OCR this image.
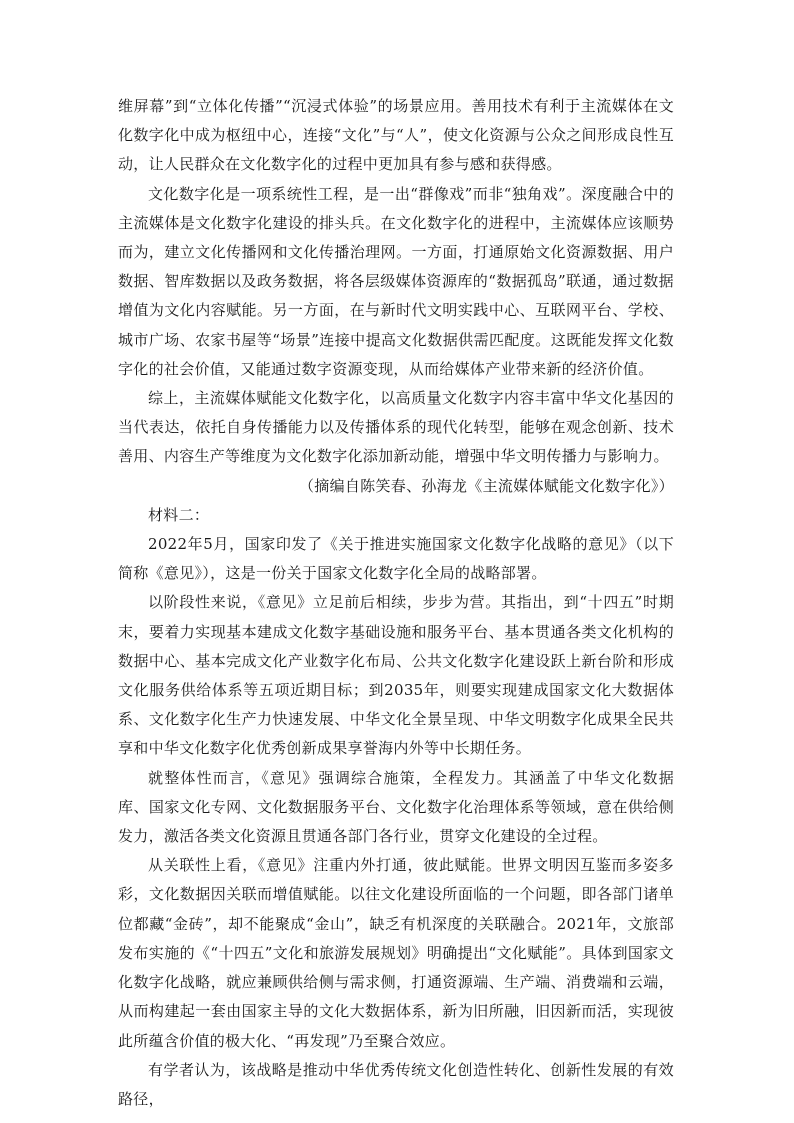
维屏幕”到“立体化传播”“沉浸式体验”的场景应用。善用技术有利于主流媒体在文化数字化中成为枢纽中心，连接“文化”与“人”，使文化资源与公众之间形成良性互动，让人民群众在文化数字化的过程中更加具有参与感和获得感。

文化数字化是一项系统性工程，是一出“群像戏”而非“独角戏”。深度融合中的主流媒体是文化数字化建设的排头兵。在文化数字化的进程中，主流媒体应该顺势而为，建立文化传播网和文化传播治理网。一方面，打通原始文化资源数据、用户数据、智库数据以及政务数据，将各层级媒体资源库的“数据孤岛”联通，通过数据增值为文化内容赋能。另一方面，在与新时代文明实践中心、互联网平台、学校、城市广场、农家书屋等“场景”连接中提高文化数据供需匹配度。这既能发挥文化数字化的社会价值，又能通过数字资源变现，从而给媒体产业带来新的经济价值。

综上，主流媒体赋能文化数字化，以高质量文化数字内容丰富中华文化基因的当代表达，依托自身传播能力以及传播体系的现代化转型，能够在观念创新、技术善用、内容生产等维度为文化数字化添加新动能，增强中华文明传播力与影响力。

（摘编自陈笑春、孙海龙《主流媒体赋能文化数字化》）

材料二：

2022年5月，国家印发了《关于推进实施国家文化数字化战略的意见》（以下简称《意见》），这是一份关于国家文化数字化全局的战略部署。

以阶段性来说，《意见》立足前后相续，步步为营。其指出，到“十四五”时期末，要着力实现基本建成文化数字基础设施和服务平台、基本贯通各类文化机构的数据中心、基本完成文化产业数字化布局、公共文化数字化建设跃上新台阶和形成文化服务供给体系等五项近期目标；到2035年，则要实现建成国家文化大数据体系、文化数字化生产力快速发展、中华文化全景呈现、中华文明数字化成果全民共享和中华文化数字化优秀创新成果享誉海内外等中长期任务。

就整体性而言，《意见》强调综合施策，全程发力。其涵盖了中华文化数据库、国家文化专网、文化数据服务平台、文化数字化治理体系等领域，意在供给侧发力，激活各类文化资源且贯通各部门各行业，贯穿文化建设的全过程。

从关联性上看，《意见》注重内外打通，彼此赋能。世界文明因互鉴而多姿多彩，文化数据因关联而增值赋能。以往文化建设所面临的一个问题，即各部门诸单位都藏“金砖”，却不能聚成“金山”，缺乏有机深度的关联融合。2021年，文旅部发布实施的《“十四五”文化和旅游发展规划》明确提出“文化赋能”。具体到国家文化数字化战略，就应兼顾供给侧与需求侧，打通资源端、生产端、消费端和云端，从而构建起一套由国家主导的文化大数据体系，新为旧所融，旧因新而活，实现彼此所蕴含价值的极大化、“再发现”乃至聚合效应。

有学者认为，该战略是推动中华优秀传统文化创造性转化、创新性发展的有效路径，
